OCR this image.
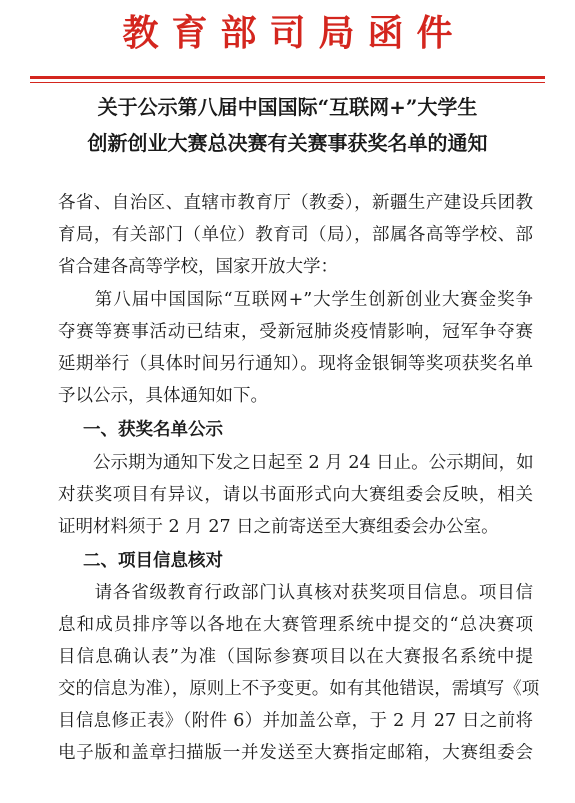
教育部司局函件
关于公示第八届中国国际“互联网+”大学生
创新创业大赛总决赛有关赛事获奖名单的通知
各省、自治区、直辖市教育厅（教委），新疆生产建设兵团教
育局，有关部门（单位）教育司（局），部属各高等学校、部
省合建各高等学校，国家开放大学：
　　第八届中国国际“互联网+”大学生创新创业大赛金奖争
夺赛等赛事活动已结束，受新冠肺炎疫情影响，冠军争夺赛
延期举行（具体时间另行通知）。现将金银铜等奖项获奖名单
予以公示，具体通知如下。
一、获奖名单公示
　　公示期为通知下发之日起至 2 月 24 日止。公示期间，如
对获奖项目有异议，请以书面形式向大赛组委会反映，相关
证明材料须于 2 月 27 日之前寄送至大赛组委会办公室。
二、项目信息核对
　　请各省级教育行政部门认真核对获奖项目信息。项目信
息和成员排序等以各地在大赛管理系统中提交的“总决赛项
目信息确认表”为准（国际参赛项目以在大赛报名系统中提
交的信息为准），原则上不予变更。如有其他错误，需填写《项
目信息修正表》（附件 6）并加盖公章，于 2 月 27 日之前将
电子版和盖章扫描版一并发送至大赛指定邮箱，大赛组委会
